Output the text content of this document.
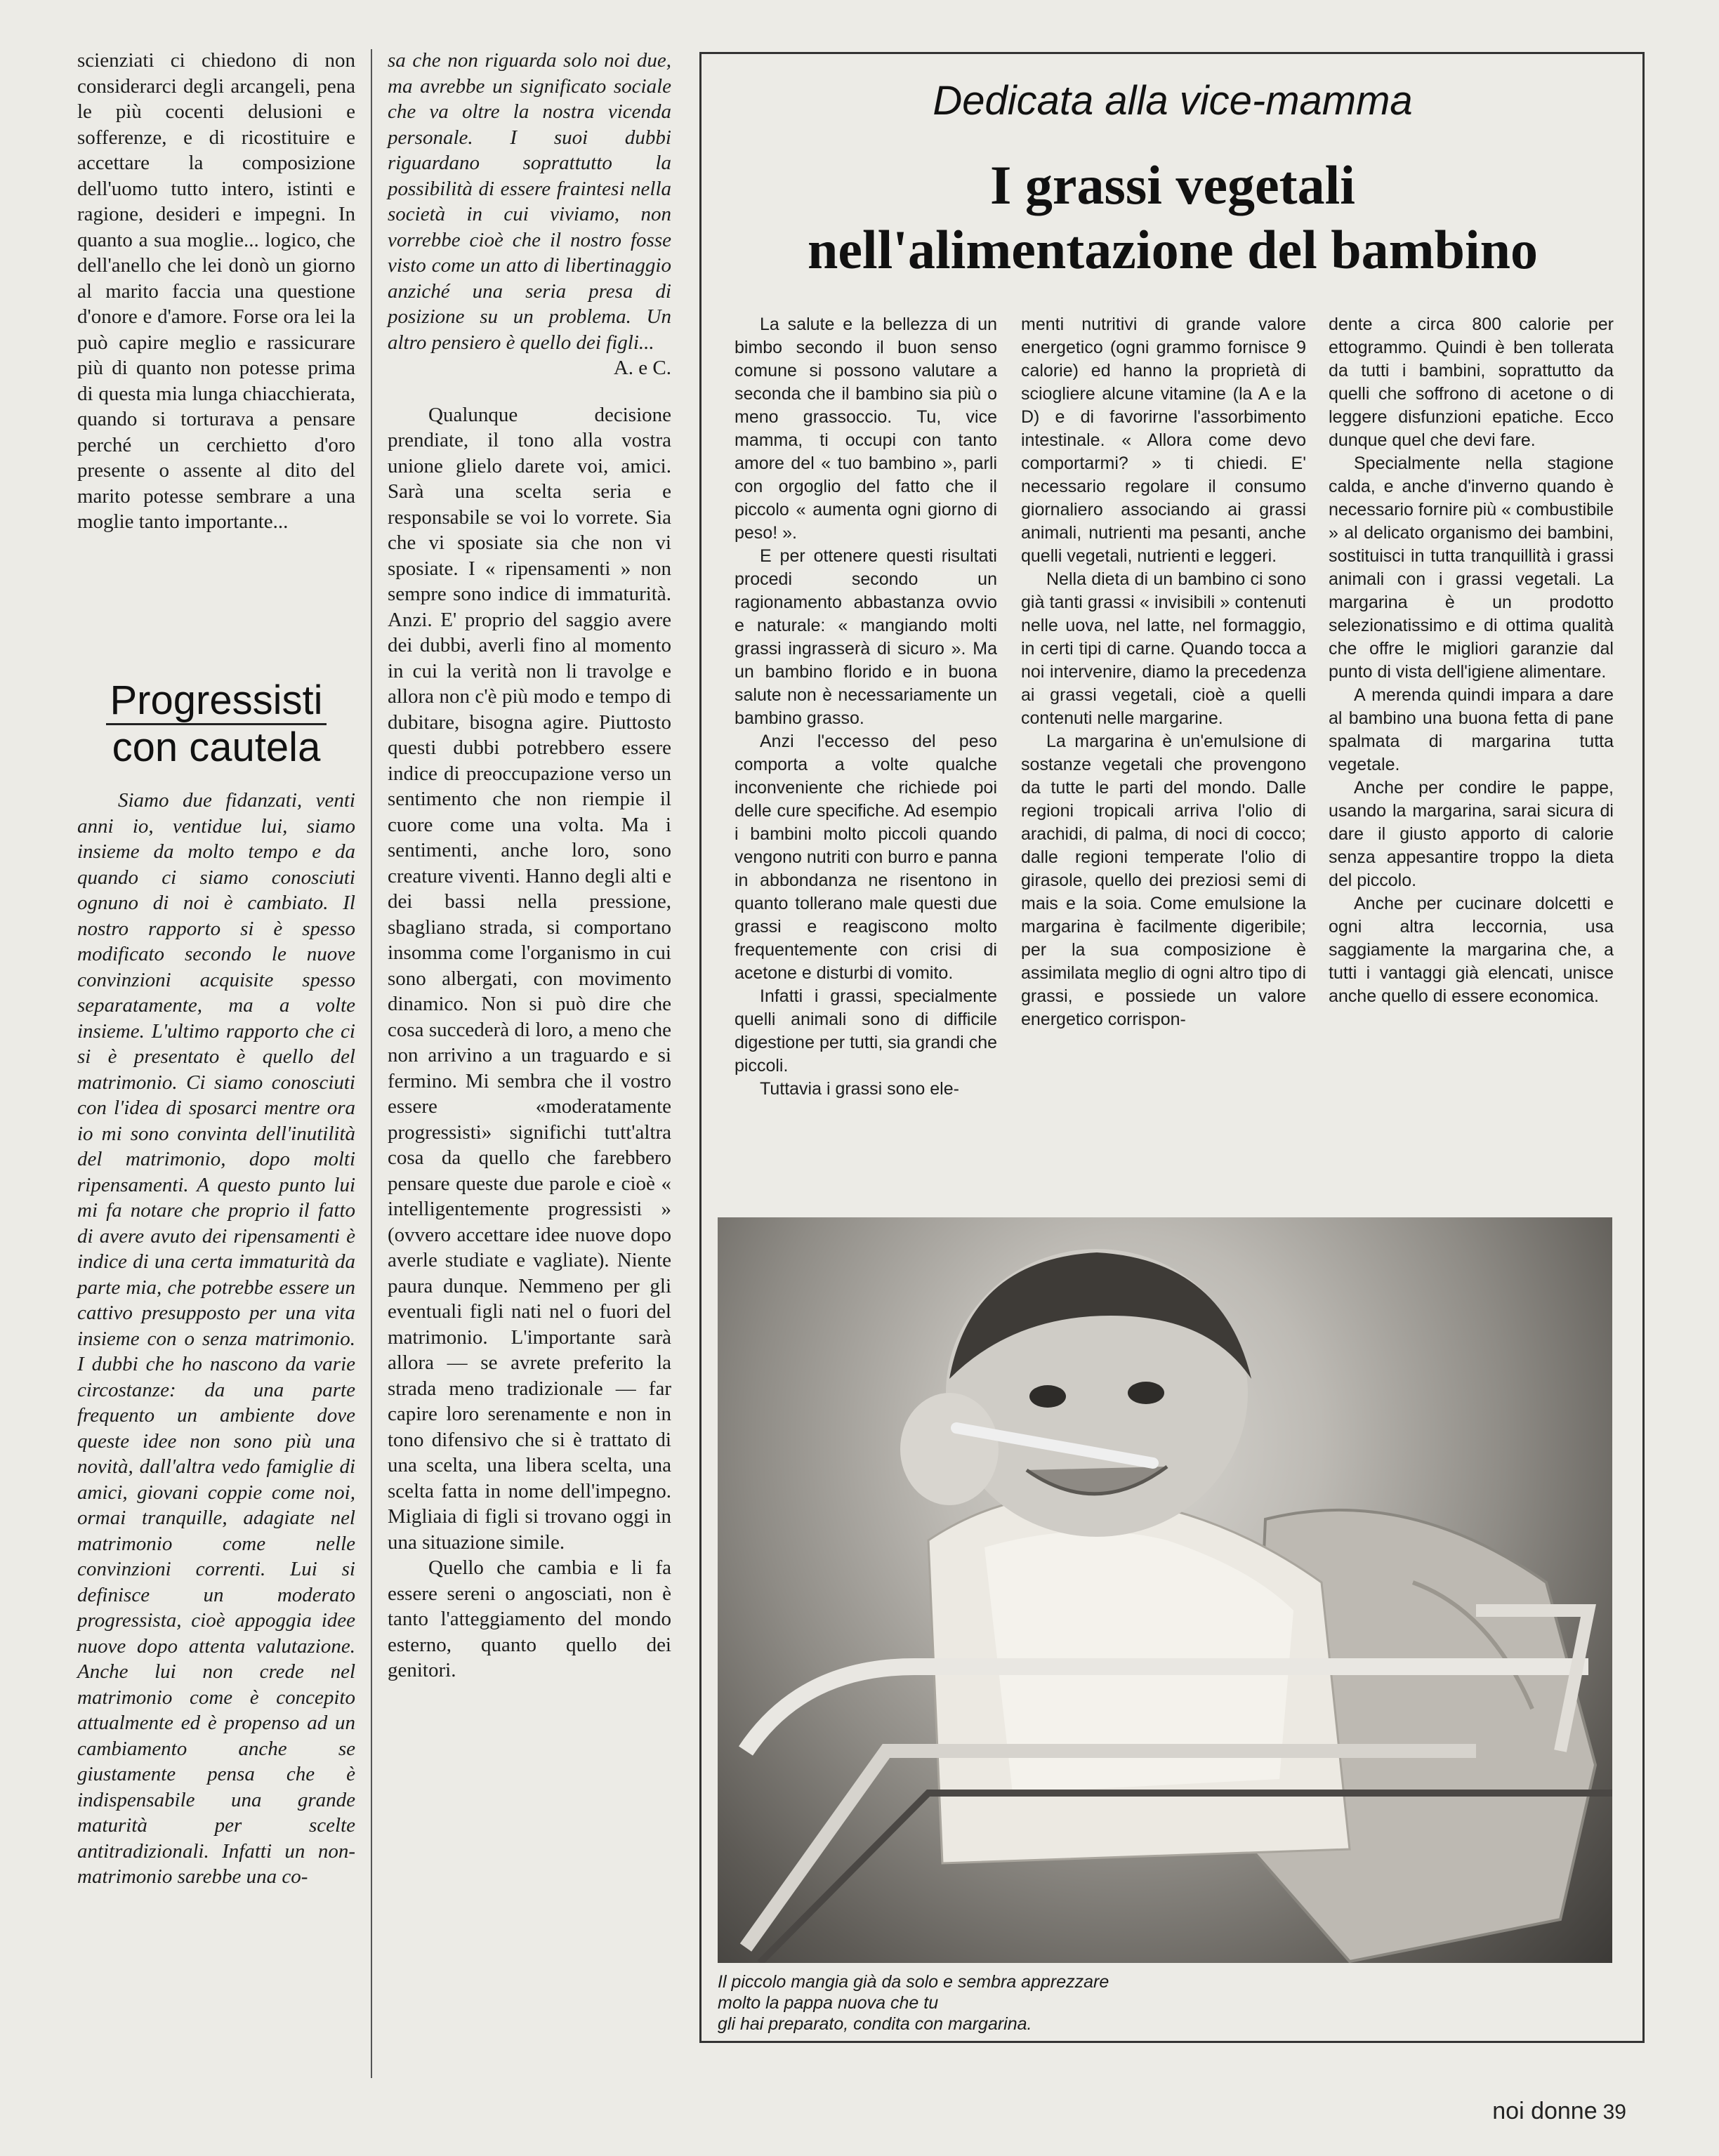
scienziati ci chiedono di non considerarci degli arcangeli, pena le più cocenti delusioni e sofferenze, e di ricostituire e accettare la composizione dell'uomo tutto intero, istinti e ragione, desideri e impegni. In quanto a sua moglie... logico, che dell'anello che lei donò un giorno al marito faccia una questione d'onore e d'amore. Forse ora lei la può capire meglio e rassicurare più di quanto non potesse prima di questa mia lunga chiacchierata, quando si torturava a pensare perché un cerchietto d'oro presente o assente al dito del marito potesse sembrare a una moglie tanto importante...

Progressisti
con cautela

Siamo due fidanzati, venti anni io, ventidue lui, siamo insieme da molto tempo e da quando ci siamo conosciuti ognuno di noi è cambiato. Il nostro rapporto si è spesso modificato secondo le nuove convinzioni acquisite spesso separatamente, ma a volte insieme. L'ultimo rapporto che ci si è presentato è quello del matrimonio. Ci siamo conosciuti con l'idea di sposarci mentre ora io mi sono convinta dell'inutilità del matrimonio, dopo molti ripensamenti. A questo punto lui mi fa notare che proprio il fatto di avere avuto dei ripensamenti è indice di una certa immaturità da parte mia, che potrebbe essere un cattivo presupposto per una vita insieme con o senza matrimonio. I dubbi che ho nascono da varie circostanze: da una parte frequento un ambiente dove queste idee non sono più una novità, dall'altra vedo famiglie di amici, giovani coppie come noi, ormai tranquille, adagiate nel matrimonio come nelle convinzioni correnti. Lui si definisce un moderato progressista, cioè appoggia idee nuove dopo attenta valutazione. Anche lui non crede nel matrimonio come è concepito attualmente ed è propenso ad un cambiamento anche se giustamente pensa che è indispensabile una grande maturità per scelte antitradizionali. Infatti un non-matrimonio sarebbe una co-

sa che non riguarda solo noi due, ma avrebbe un significato sociale che va oltre la nostra vicenda personale. I suoi dubbi riguardano soprattutto la possibilità di essere fraintesi nella società in cui viviamo, non vorrebbe cioè che il nostro fosse visto come un atto di libertinaggio anziché una seria presa di posizione su un problema. Un altro pensiero è quello dei figli...

A. e C.

Qualunque decisione prendiate, il tono alla vostra unione glielo darete voi, amici. Sarà una scelta seria e responsabile se voi lo vorrete. Sia che vi sposiate sia che non vi sposiate. I « ripensamenti » non sempre sono indice di immaturità. Anzi. E' proprio del saggio avere dei dubbi, averli fino al momento in cui la verità non li travolge e allora non c'è più modo e tempo di dubitare, bisogna agire. Piuttosto questi dubbi potrebbero essere indice di preoccupazione verso un sentimento che non riempie il cuore come una volta. Ma i sentimenti, anche loro, sono creature viventi. Hanno degli alti e dei bassi nella pressione, sbagliano strada, si comportano insomma come l'organismo in cui sono albergati, con movimento dinamico. Non si può dire che cosa succederà di loro, a meno che non arrivino a un traguardo e si fermino. Mi sembra che il vostro essere «moderatamente progressisti» significhi tutt'altra cosa da quello che farebbero pensare queste due parole e cioè « intelligentemente progressisti » (ovvero accettare idee nuove dopo averle studiate e vagliate). Niente paura dunque. Nemmeno per gli eventuali figli nati nel o fuori del matrimonio. L'importante sarà allora — se avrete preferito la strada meno tradizionale — far capire loro serenamente e non in tono difensivo che si è trattato di una scelta, una libera scelta, una scelta fatta in nome dell'impegno. Migliaia di figli si trovano oggi in una situazione simile.

Quello che cambia e li fa essere sereni o angosciati, non è tanto l'atteggiamento del mondo esterno, quanto quello dei genitori.

Dedicata alla vice-mamma
I grassi vegetali
nell'alimentazione del bambino

La salute e la bellezza di un bimbo secondo il buon senso comune si possono valutare a seconda che il bambino sia più o meno grassoccio. Tu, vice mamma, ti occupi con tanto amore del « tuo bambino », parli con orgoglio del fatto che il piccolo « aumenta ogni giorno di peso! ».

E per ottenere questi risultati procedi secondo un ragionamento abbastanza ovvio e naturale: « mangiando molti grassi ingrasserà di sicuro ». Ma un bambino florido e in buona salute non è necessariamente un bambino grasso.

Anzi l'eccesso del peso comporta a volte qualche inconveniente che richiede poi delle cure specifiche. Ad esempio i bambini molto piccoli quando vengono nutriti con burro e panna in abbondanza ne risentono in quanto tollerano male questi due grassi e reagiscono molto frequentemente con crisi di acetone e disturbi di vomito.

Infatti i grassi, specialmente quelli animali sono di difficile digestione per tutti, sia grandi che piccoli.

Tuttavia i grassi sono ele-

menti nutritivi di grande valore energetico (ogni grammo fornisce 9 calorie) ed hanno la proprietà di sciogliere alcune vitamine (la A e la D) e di favorirne l'assorbimento intestinale. « Allora come devo comportarmi? » ti chiedi. E' necessario regolare il consumo giornaliero associando ai grassi animali, nutrienti ma pesanti, anche quelli vegetali, nutrienti e leggeri.

Nella dieta di un bambino ci sono già tanti grassi « invisibili » contenuti nelle uova, nel latte, nel formaggio, in certi tipi di carne. Quando tocca a noi intervenire, diamo la precedenza ai grassi vegetali, cioè a quelli contenuti nelle margarine.

La margarina è un'emulsione di sostanze vegetali che provengono da tutte le parti del mondo. Dalle regioni tropicali arriva l'olio di arachidi, di palma, di noci di cocco; dalle regioni temperate l'olio di girasole, quello dei preziosi semi di mais e la soia. Come emulsione la margarina è facilmente digeribile; per la sua composizione è assimilata meglio di ogni altro tipo di grassi, e possiede un valore energetico corrispon-

dente a circa 800 calorie per ettogrammo. Quindi è ben tollerata da tutti i bambini, soprattutto da quelli che soffrono di acetone o di leggere disfunzioni epatiche. Ecco dunque quel che devi fare.

Specialmente nella stagione calda, e anche d'inverno quando è necessario fornire più « combustibile » al delicato organismo dei bambini, sostituisci in tutta tranquillità i grassi animali con i grassi vegetali. La margarina è un prodotto selezionatissimo e di ottima qualità che offre le migliori garanzie dal punto di vista dell'igiene alimentare.

A merenda quindi impara a dare al bambino una buona fetta di pane spalmata di margarina tutta vegetale.

Anche per condire le pappe, usando la margarina, sarai sicura di dare il giusto apporto di calorie senza appesantire troppo la dieta del piccolo.

Anche per cucinare dolcetti e ogni altra leccornia, usa saggiamente la margarina che, a tutti i vantaggi già elencati, unisce anche quello di essere economica.

Il piccolo mangia già da solo e sembra apprezzare
molto la pappa nuova che tu
gli hai preparato, condita con margarina.
noi donne 39
